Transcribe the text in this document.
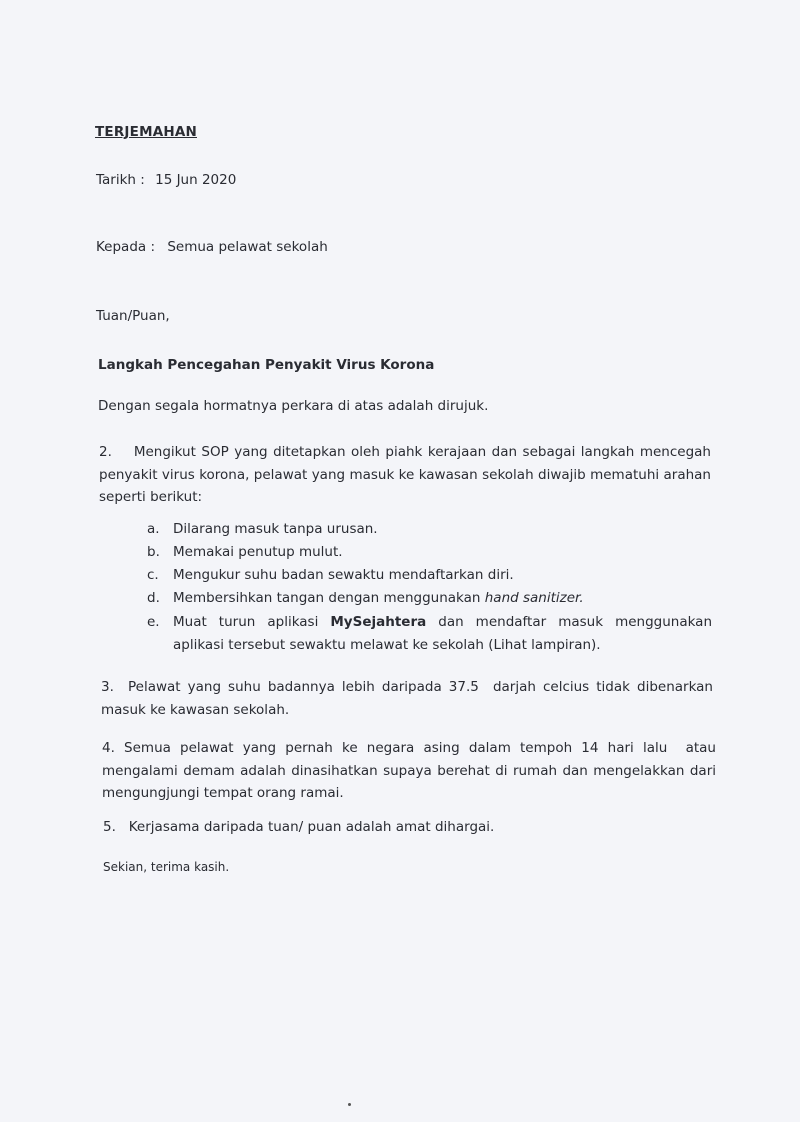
TERJEMAHAN

Tarikh : 15 Jun 2020

Kepada : Semua pelawat sekolah

Tuan/Puan,

Langkah Pencegahan Penyakit Virus Korona

Dengan segala hormatnya perkara di atas adalah dirujuk.

2.    Mengikut SOP yang ditetapkan oleh piahk kerajaan dan sebagai langkah mencegah penyakit virus korona, pelawat yang masuk ke kawasan sekolah diwajib mematuhi arahan seperti berikut:

a. Dilarang masuk tanpa urusan.

b. Memakai penutup mulut.

c.	Mengukur suhu badan sewaktu mendaftarkan diri.

d. Membersihkan tangan dengan menggunakan hand sanitizer.

e. Muat turun aplikasi MySejahtera dan mendaftar masuk menggunakan aplikasi tersebut sewaktu melawat ke sekolah (Lihat lampiran).

3.  Pelawat yang suhu badannya lebih daripada 37.5  darjah celcius tidak dibenarkan masuk ke kawasan sekolah.

4. Semua pelawat yang pernah ke negara asing dalam tempoh 14 hari lalu  atau mengalami demam adalah dinasihatkan supaya berehat di rumah dan mengelakkan dari mengungjungi tempat orang ramai.

5.   Kerjasama daripada tuan/ puan adalah amat dihargai.

Sekian, terima kasih.
